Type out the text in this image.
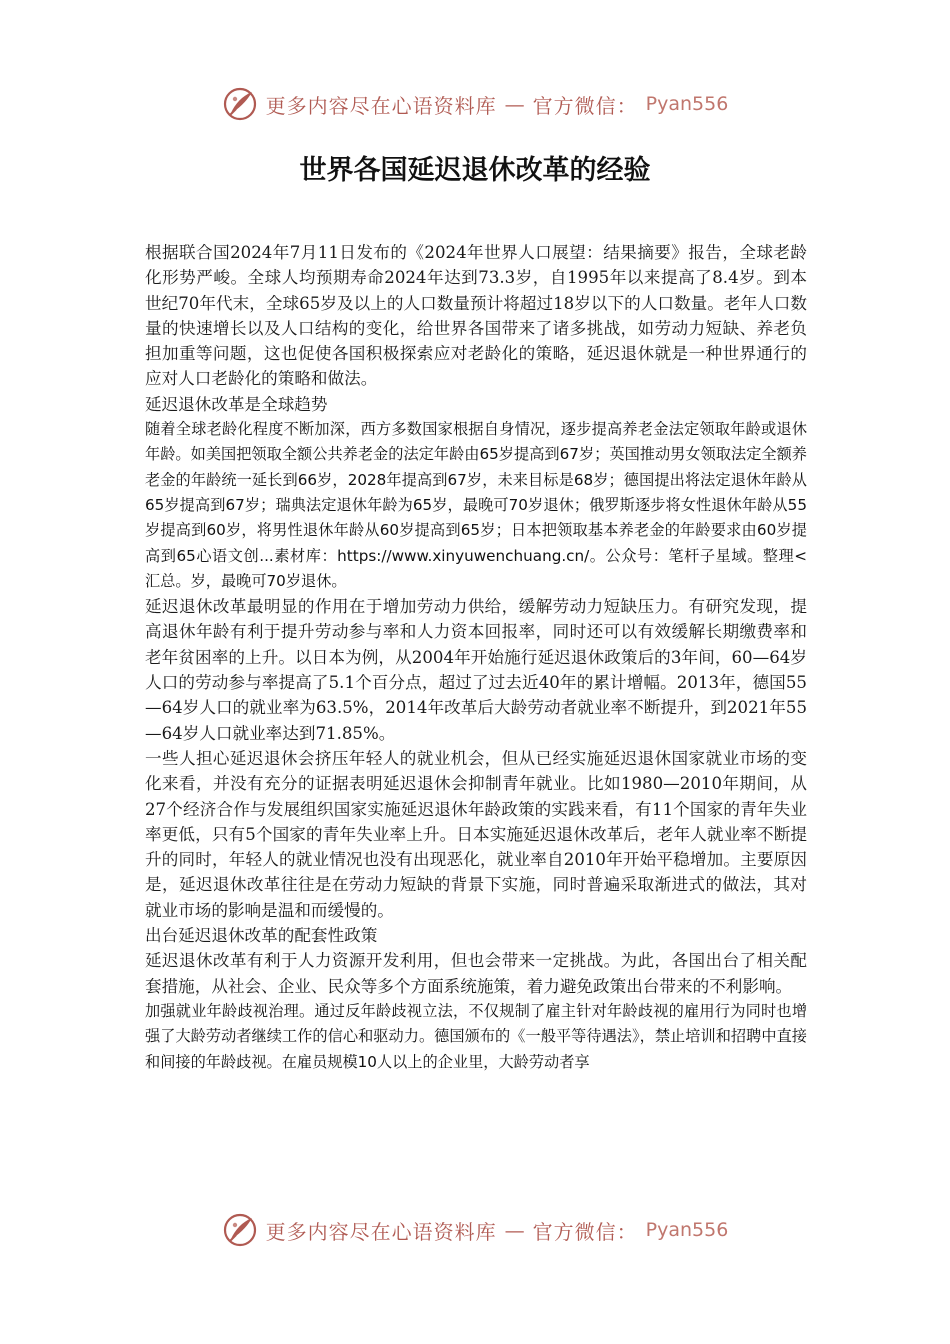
更多内容尽在心语资料库 — 官方微信： Pyan556
世界各国延迟退休改革的经验

根据联合国2024年7月11日发布的《2024年世界人口展望：结果摘要》报告，全球老龄化形势严峻。全球人均预期寿命2024年达到73.3岁，自1995年以来提高了8.4岁。到本世纪70年代末，全球65岁及以上的人口数量预计将超过18岁以下的人口数量。老年人口数量的快速增长以及人口结构的变化，给世界各国带来了诸多挑战，如劳动力短缺、养老负担加重等问题，这也促使各国积极探索应对老龄化的策略，延迟退休就是一种世界通行的应对人口老龄化的策略和做法。

延迟退休改革是全球趋势

随着全球老龄化程度不断加深，西方多数国家根据自身情况，逐步提高养老金法定领取年龄或退休年龄。如美国把领取全额公共养老金的法定年龄由65岁提高到67岁；英国推动男女领取法定全额养老金的年龄统一延长到66岁，2028年提高到67岁，未来目标是68岁；德国提出将法定退休年龄从65岁提高到67岁；瑞典法定退休年龄为65岁，最晚可70岁退休；俄罗斯逐步将女性退休年龄从55岁提高到60岁，将男性退休年龄从60岁提高到65岁；日本把领取基本养老金的年龄要求由60岁提高到65心语文创...素材库：https://www.xinyuwenchuang.cn/。公众号：笔杆子星域。整理<汇总。岁，最晚可70岁退休。

延迟退休改革最明显的作用在于增加劳动力供给，缓解劳动力短缺压力。有研究发现，提高退休年龄有利于提升劳动参与率和人力资本回报率，同时还可以有效缓解长期缴费率和老年贫困率的上升。以日本为例，从2004年开始施行延迟退休政策后的3年间，60—64岁人口的劳动参与率提高了5.1个百分点，超过了过去近40年的累计增幅。2013年，德国55—64岁人口的就业率为63.5%，2014年改革后大龄劳动者就业率不断提升，到2021年55—64岁人口就业率达到71.85%。

一些人担心延迟退休会挤压年轻人的就业机会，但从已经实施延迟退休国家就业市场的变化来看，并没有充分的证据表明延迟退休会抑制青年就业。比如1980—2010年期间，从27个经济合作与发展组织国家实施延迟退休年龄政策的实践来看，有11个国家的青年失业率更低，只有5个国家的青年失业率上升。日本实施延迟退休改革后，老年人就业率不断提升的同时，年轻人的就业情况也没有出现恶化，就业率自2010年开始平稳增加。主要原因是，延迟退休改革往往是在劳动力短缺的背景下实施，同时普遍采取渐进式的做法，其对就业市场的影响是温和而缓慢的。

出台延迟退休改革的配套性政策

延迟退休改革有利于人力资源开发利用，但也会带来一定挑战。为此，各国出台了相关配套措施，从社会、企业、民众等多个方面系统施策，着力避免政策出台带来的不利影响。

加强就业年龄歧视治理。通过反年龄歧视立法，不仅规制了雇主针对年龄歧视的雇用行为同时也增强了大龄劳动者继续工作的信心和驱动力。德国颁布的《一般平等待遇法》，禁止培训和招聘中直接和间接的年龄歧视。在雇员规模10人以上的企业里，大龄劳动者享

更多内容尽在心语资料库 — 官方微信： Pyan556
